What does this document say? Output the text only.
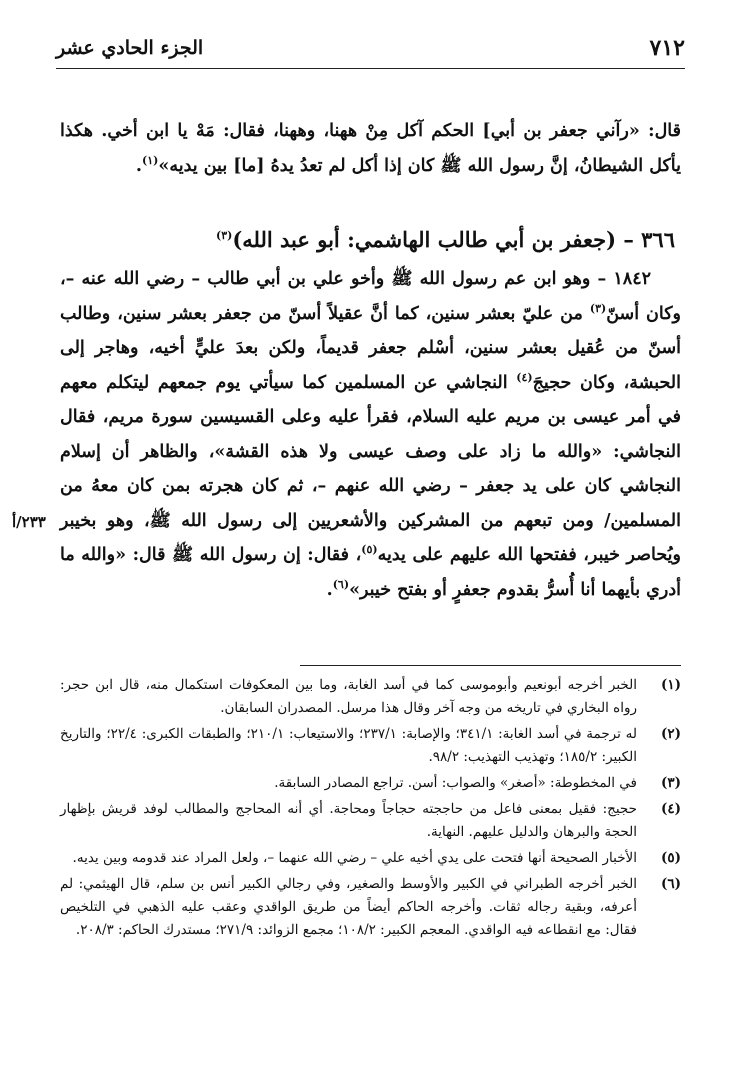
الجزء الحادي عشر	٧١٢
قال: «رآني جعفر بن أبي] الحكم آكل مِنْ ههنا، وههنا، فقال: مَهْ يا ابن أخي. هكذا يأكل الشيطانُ، إنَّ رسول الله ﷺ كان إذا أكل لم تعدُ يدهُ [ما] بين يديه»$^{(١)}$.
٣٦٦ – (جعفر بن أبي طالب الهاشمي: أبو عبد الله)$^{(٣)}$

١٨٤٢ – وهو ابن عم رسول الله ﷺ وأخو علي بن أبي طالب – رضي الله عنه –، وكان أسنّ$^{(٣)}$ من عليّ بعشر سنين، كما أنَّ عقيلاً أسنّ من جعفر بعشر سنين، وطالب أسنّ من عُقيل بعشر سنين، أسْلم جعفر قديماً، ولكن بعدَ عليٍّ أخيه، وهاجر إلى الحبشة، وكان حجيجَ$^{(٤)}$ النجاشي عن المسلمين كما سيأتي يوم جمعهم ليتكلم معهم في أمر عيسى بن مريم عليه السلام، فقرأ عليه وعلى القسيسين سورة مريم، فقال النجاشي: «والله ما زاد على وصف عيسى ولا هذه القشة»، والظاهر أن إسلام النجاشي كان على يد جعفر – رضي الله عنهم –، ثم كان هجرته بمن كان معهُ من المسلمين/ ومن تبعهم من المشركين والأشعريين إلى رسول الله ﷺ، وهو بخيبر ويُحاصر خيبر، ففتحها الله عليهم على يديه$^{(٥)}$، فقال: إن رسول الله ﷺ قال: «والله ما أدري بأيهما أنا أُسرُّ بقدوم جعفرٍ أو بفتح خيبر»$^{(٦)}$.

٢٣٣/أ
(١)
الخبر أخرجه أبونعيم وأبوموسى كما في أسد الغابة، وما بين المعكوفات استكمال منه، قال ابن حجر: رواه البخاري في تاريخه من وجه آخر وقال هذا مرسل. المصدران السابقان.
(٢)
له ترجمة في أسد الغابة: ٣٤١/١؛ والإصابة: ٢٣٧/١؛ والاستيعاب: ٢١٠/١؛ والطبقات الكبرى: ٢٢/٤؛ والتاريخ الكبير: ١٨٥/٢؛ وتهذيب التهذيب: ٩٨/٢.
(٣)
في المخطوطة: «أصغر» والصواب: أسن. تراجع المصادر السابقة.
(٤)
حجيج: فقيل بمعنى فاعل من حاججته حجاجاً ومحاجة. أي أنه المحاجج والمطالب لوفد قريش بإظهار الحجة والبرهان والدليل عليهم. النهاية.
(٥)
الأخبار الصحيحة أنها فتحت على يدي أخيه علي – رضي الله عنهما –، ولعل المراد عند قدومه وبين يديه.
(٦)
الخبر أخرجه الطبراني في الكبير والأوسط والصغير، وفي رجالي الكبير أنس بن سلم، قال الهيثمي: لم أعرفه، وبقية رجاله ثقات. وأخرجه الحاكم أيضاً من طريق الواقدي وعقب عليه الذهبي في التلخيص فقال: مع انقطاعه فيه الواقدي. المعجم الكبير: ١٠٨/٢؛ مجمع الزوائد: ٢٧١/٩؛ مستدرك الحاكم: ٢٠٨/٣.
